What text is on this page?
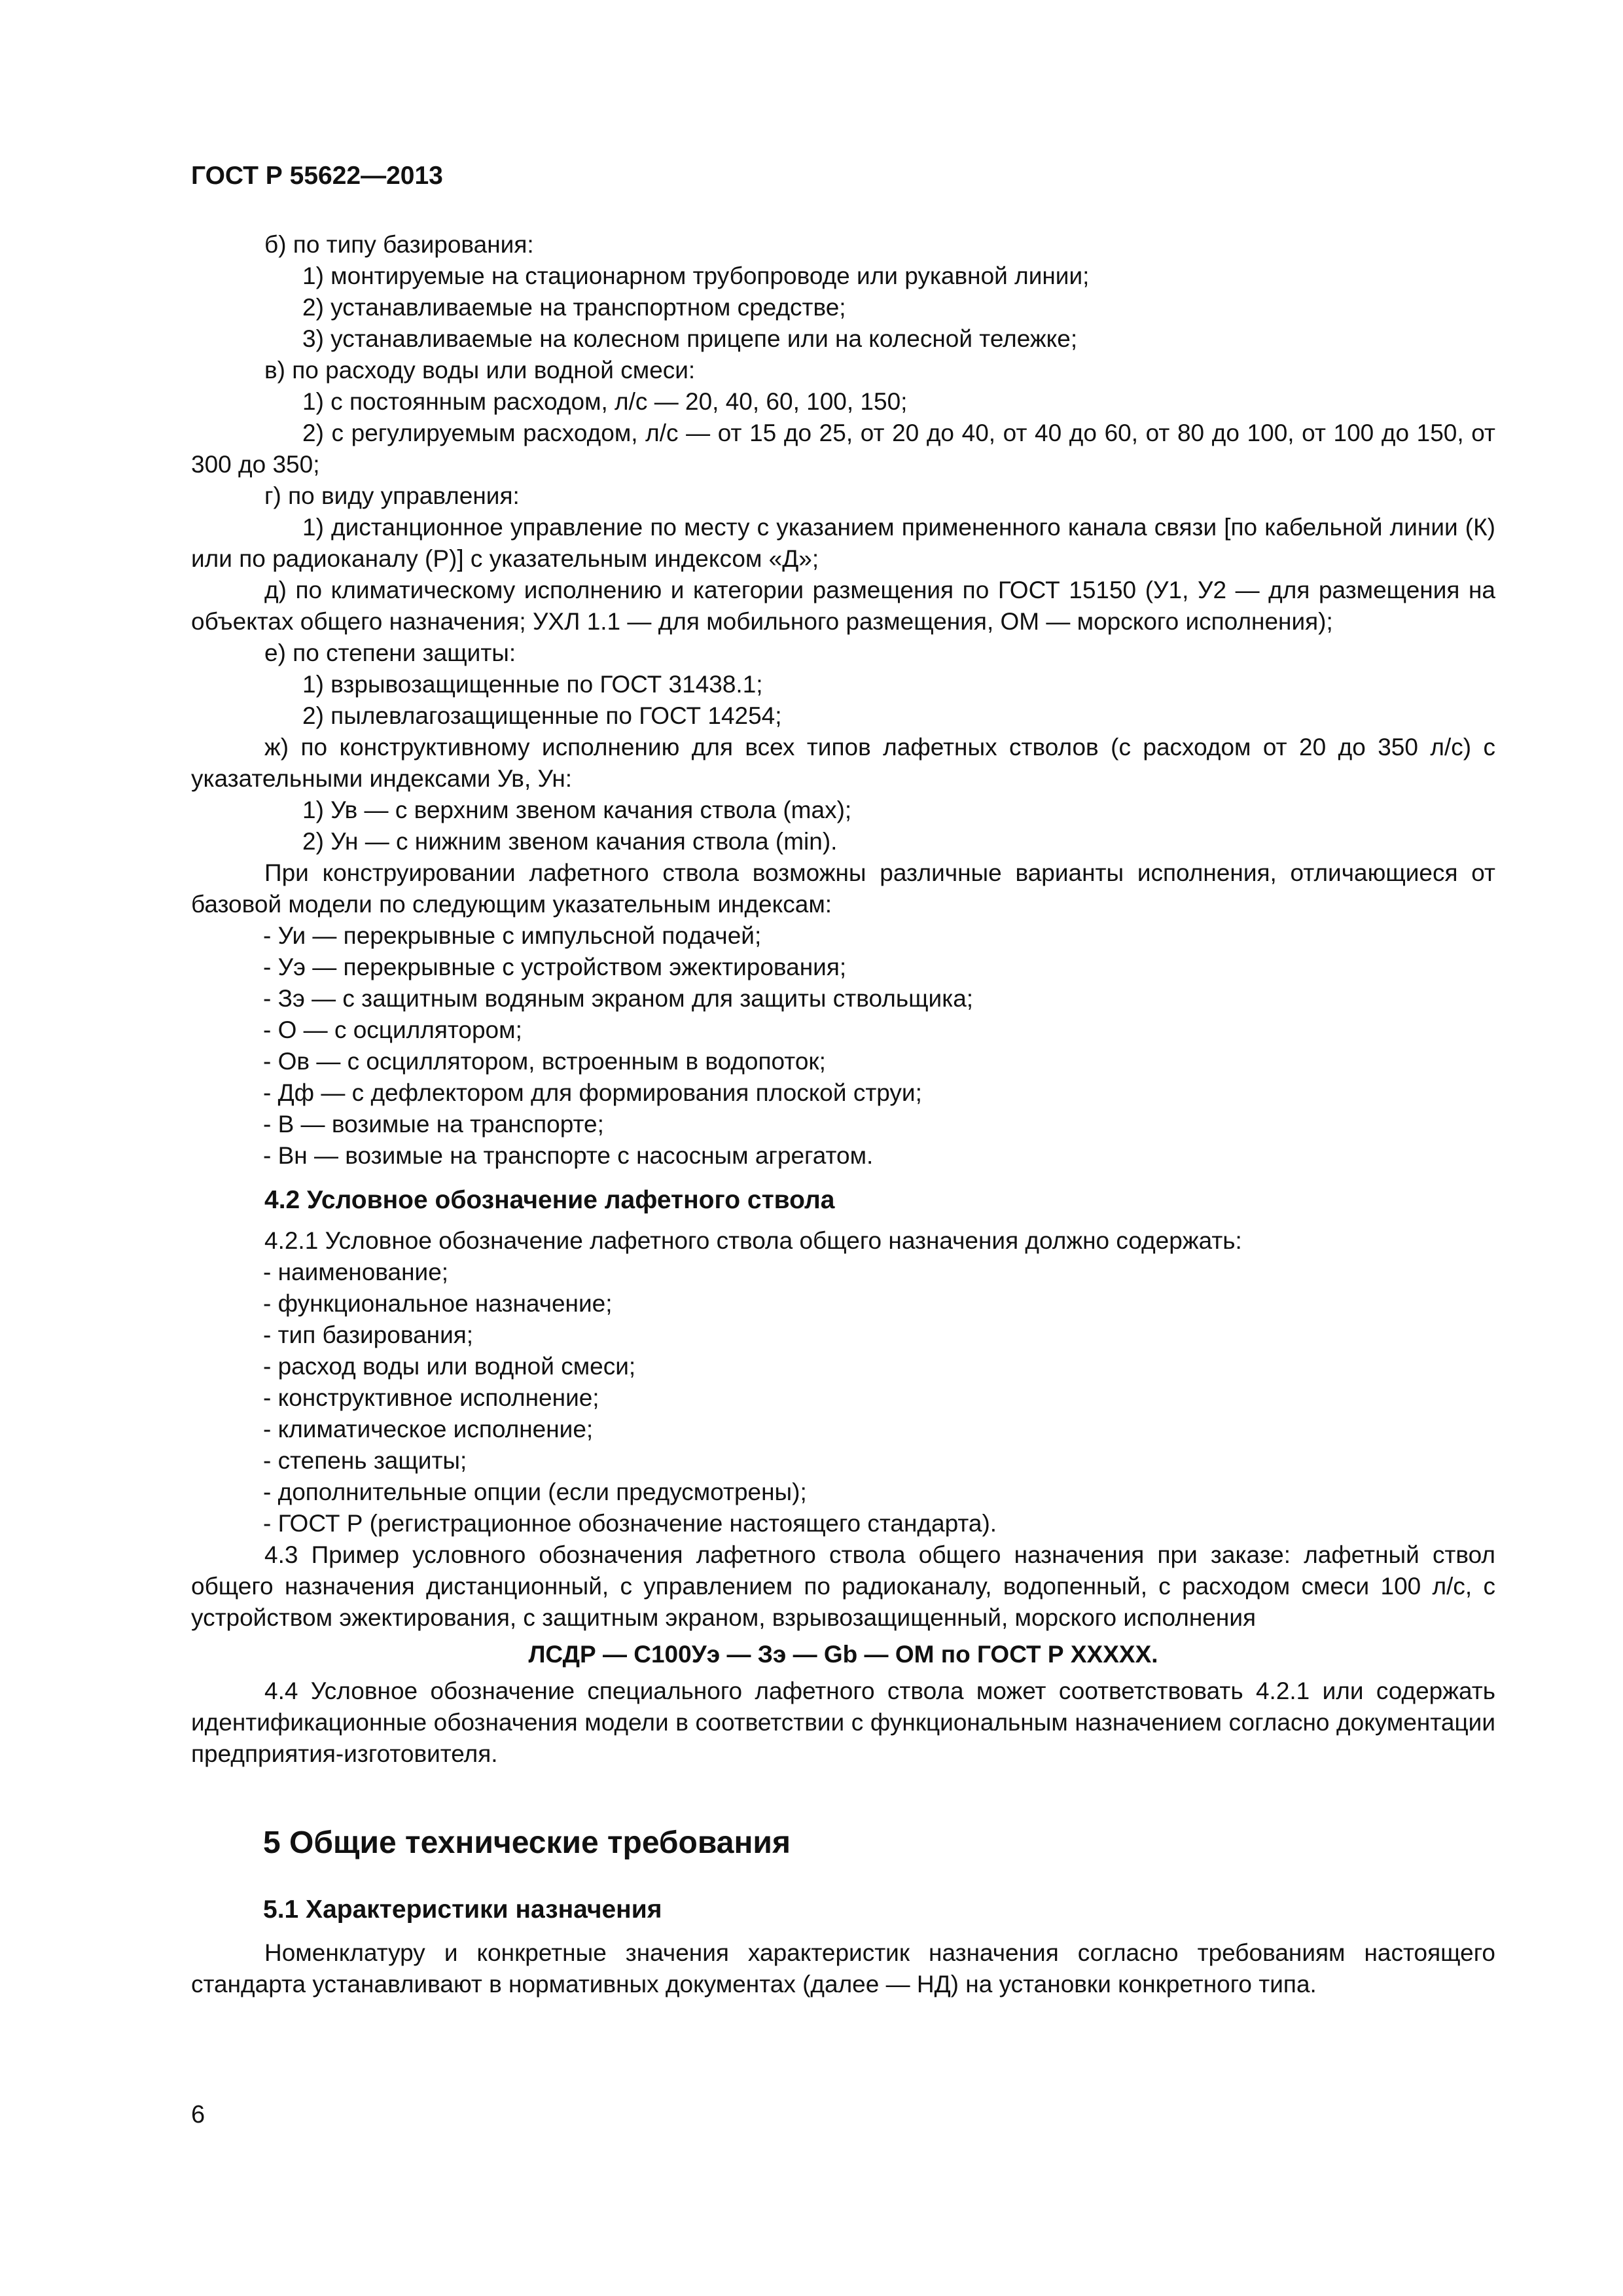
ГОСТ Р 55622—2013

б) по типу базирования:

1) монтируемые на стационарном трубопроводе или рукавной линии;

2) устанавливаемые на транспортном средстве;

3) устанавливаемые на колесном прицепе или на колесной тележке;

в) по расходу воды или водной смеси:

1) с постоянным расходом, л/с — 20, 40, 60, 100, 150;

2) с регулируемым расходом, л/с — от 15 до 25, от 20 до 40, от 40 до 60, от 80 до 100, от 100 до 150, от 300 до 350;

г) по виду управления:

1) дистанционное управление по месту с указанием примененного канала связи [по кабельной линии (К) или по радиоканалу (Р)] с указательным индексом «Д»;

д) по климатическому исполнению и категории размещения по ГОСТ 15150 (У1, У2 — для размещения на объектах общего назначения; УХЛ 1.1 — для мобильного размещения, ОМ — морского исполнения);

е) по степени защиты:

1) взрывозащищенные по ГОСТ 31438.1;

2) пылевлагозащищенные по ГОСТ 14254;

ж) по конструктивному исполнению для всех типов лафетных стволов (с расходом от 20 до 350 л/с) с указательными индексами Ув, Ун:

1) Ув — с верхним звеном качания ствола (max);

2) Ун — с нижним звеном качания ствола (min).

При конструировании лафетного ствола возможны различные варианты исполнения, отличающиеся от базовой модели по следующим указательным индексам:

- Уи — перекрывные с импульсной подачей;

- Уэ — перекрывные с устройством эжектирования;

- Зэ — с защитным водяным экраном для защиты ствольщика;

- О — с осциллятором;

- Ов — с осциллятором, встроенным в водопоток;

- Дф — с дефлектором для формирования плоской струи;

- В — возимые на транспорте;

- Вн — возимые на транспорте с насосным агрегатом.

4.2 Условное обозначение лафетного ствола

4.2.1 Условное обозначение лафетного ствола общего назначения должно содержать:

- наименование;

- функциональное назначение;

- тип базирования;

- расход воды или водной смеси;

- конструктивное исполнение;

- климатическое исполнение;

- степень защиты;

- дополнительные опции (если предусмотрены);

- ГОСТ Р (регистрационное обозначение настоящего стандарта).

4.3 Пример условного обозначения лафетного ствола общего назначения при заказе: лафетный ствол общего назначения дистанционный, с управлением по радиоканалу, водопенный, с расходом смеси 100 л/с, с устройством эжектирования, с защитным экраном, взрывозащищенный, морского исполнения

ЛСДР — С100Уэ — Зэ — Gb — ОМ по ГОСТ Р XXXXX.

4.4 Условное обозначение специального лафетного ствола может соответствовать 4.2.1 или содержать идентификационные обозначения модели в соответствии с функциональным назначением согласно документации предприятия-изготовителя.

5 Общие технические требования
5.1 Характеристики назначения

Номенклатуру и конкретные значения характеристик назначения согласно требованиям настоящего стандарта устанавливают в нормативных документах (далее — НД) на установки конкретного типа.

6
